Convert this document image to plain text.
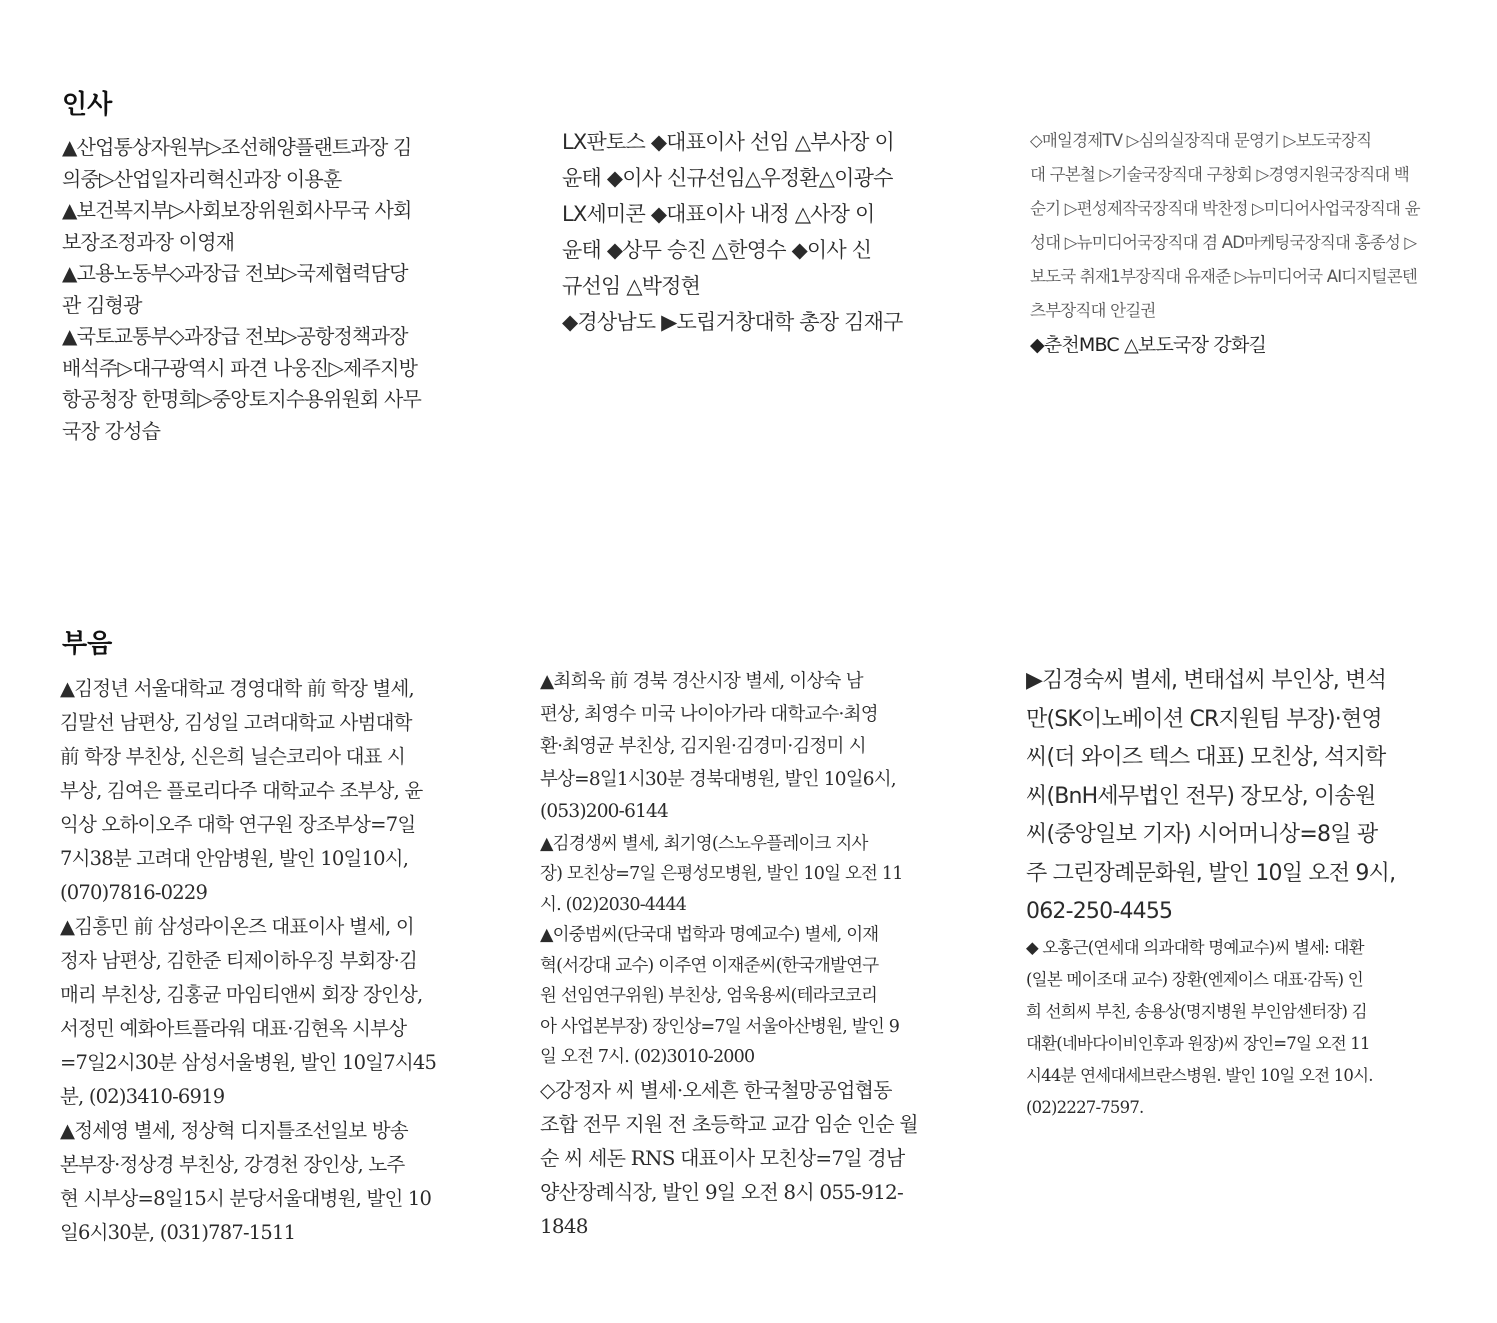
인사

▲산업통상자원부▷조선해양플랜트과장 김
의중▷산업일자리혁신과장 이용훈

▲보건복지부▷사회보장위원회사무국 사회
보장조정과장 이영재

▲고용노동부◇과장급 전보▷국제협력담당
관 김형광

▲국토교통부◇과장급 전보▷공항정책과장
배석주▷대구광역시 파견 나웅진▷제주지방
항공청장 한명희▷중앙토지수용위원회 사무
국장 강성습

LX판토스 ◆대표이사 선임 △부사장 이
윤태 ◆이사 신규선임△우정환△이광수
LX세미콘 ◆대표이사 내정 △사장 이
윤태 ◆상무 승진 △한영수 ◆이사 신
규선임 △박정현

◆경상남도 ▶도립거창대학 총장 김재구

◇매일경제TV ▷심의실장직대 문영기 ▷보도국장직
대 구본철 ▷기술국장직대 구창회 ▷경영지원국장직대 백
순기 ▷편성제작국장직대 박찬정 ▷미디어사업국장직대 윤
성대 ▷뉴미디어국장직대 겸 AD마케팅국장직대 홍종성 ▷
보도국 취재1부장직대 유재준 ▷뉴미디어국 AI디지털콘텐
츠부장직대 안길권

◆춘천MBC △보도국장 강화길

부음

▲김정년 서울대학교 경영대학 前 학장 별세,
김말선 남편상, 김성일 고려대학교 사범대학
前 학장 부친상, 신은희 닐슨코리아 대표 시
부상, 김여은 플로리다주 대학교수 조부상, 윤
익상 오하이오주 대학 연구원 장조부상=7일
7시38분 고려대 안암병원, 발인 10일10시,
(070)7816-0229

▲김흥민 前 삼성라이온즈 대표이사 별세, 이
정자 남편상, 김한준 티제이하우징 부회장·김
매리 부친상, 김홍균 마임티앤씨 회장 장인상,
서정민 예화아트플라워 대표·김현옥 시부상
=7일2시30분 삼성서울병원, 발인 10일7시45
분, (02)3410-6919

▲정세영 별세, 정상혁 디지틀조선일보 방송
본부장·정상경 부친상, 강경천 장인상, 노주
현 시부상=8일15시 분당서울대병원, 발인 10
일6시30분, (031)787-1511

▲최희욱 前 경북 경산시장 별세, 이상숙 남
편상, 최영수 미국 나이아가라 대학교수·최영
환·최영균 부친상, 김지원·김경미·김정미 시
부상=8일1시30분 경북대병원, 발인 10일6시,
(053)200-6144

▲김경생씨 별세, 최기영(스노우플레이크 지사
장) 모친상=7일 은평성모병원, 발인 10일 오전 11
시. (02)2030-4444

▲이중범씨(단국대 법학과 명예교수) 별세, 이재
혁(서강대 교수) 이주연 이재준씨(한국개발연구
원 선임연구위원) 부친상, 엄욱용씨(테라코코리
아 사업본부장) 장인상=7일 서울아산병원, 발인 9
일 오전 7시. (02)3010-2000

◇강정자 씨 별세·오세흔 한국철망공업협동
조합 전무 지원 전 초등학교 교감 임순 인순 월
순 씨 세돈 RNS 대표이사 모친상=7일 경남
양산장례식장, 발인 9일 오전 8시 055-912-
1848

▶김경숙씨 별세, 변태섭씨 부인상, 변석
만(SK이노베이션 CR지원팀 부장)·현영
씨(더 와이즈 텍스 대표) 모친상, 석지학
씨(BnH세무법인 전무) 장모상, 이송원
씨(중앙일보 기자) 시어머니상=8일 광
주 그린장례문화원, 발인 10일 오전 9시,
062-250-4455

◆ 오홍근(연세대 의과대학 명예교수)씨 별세: 대환
(일본 메이조대 교수) 장환(엔제이스 대표·감독) 인
희 선희씨 부친, 송용상(명지병원 부인암센터장) 김
대환(네바다이비인후과 원장)씨 장인=7일 오전 11
시44분 연세대세브란스병원. 발인 10일 오전 10시.
(02)2227-7597.
